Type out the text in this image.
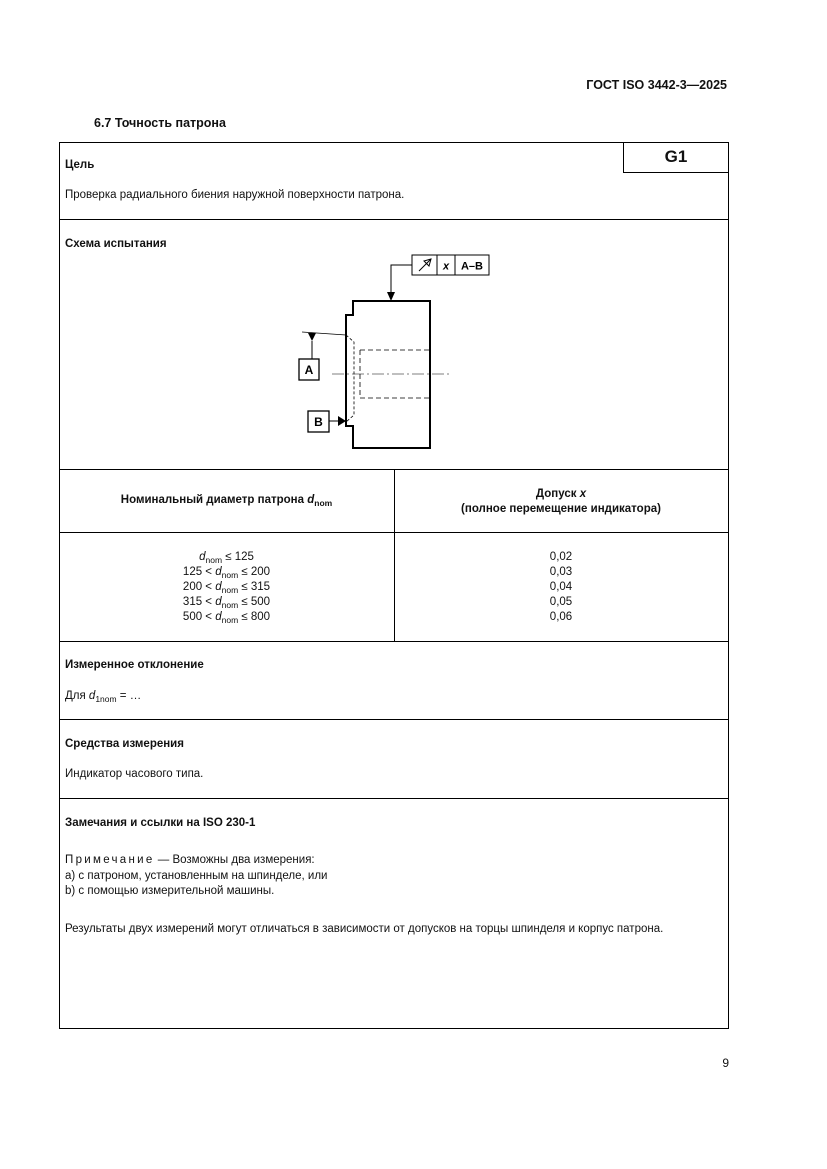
ГОСТ ISO 3442-3—2025
6.7 Точность патрона
G1
Цель
Проверка радиального биения наружной поверхности патрона.
Схема испытания
x A–B
A
B
Номинальный диаметр патрона $d_{nom}$
Допуск x
(полное перемещение индикатора)
$d_{nom} \le 125$
$125 < d_{nom} \le 200$
$200 < d_{nom} \le 315$
$315 < d_{nom} \le 500$
$500 < d_{nom} \le 800$
0,02
0,03
0,04
0,05
0,06
Измеренное отклонение
Для $d_{1nom}$ = …
Средства измерения
Индикатор часового типа.
Замечания и ссылки на ISO 230-1
Примечание — Возможны два измерения:
a) с патроном, установленным на шпинделе, или
b) с помощью измерительной машины.
Результаты двух измерений могут отличаться в зависимости от допусков на торцы шпинделя и корпус патрона.
9
